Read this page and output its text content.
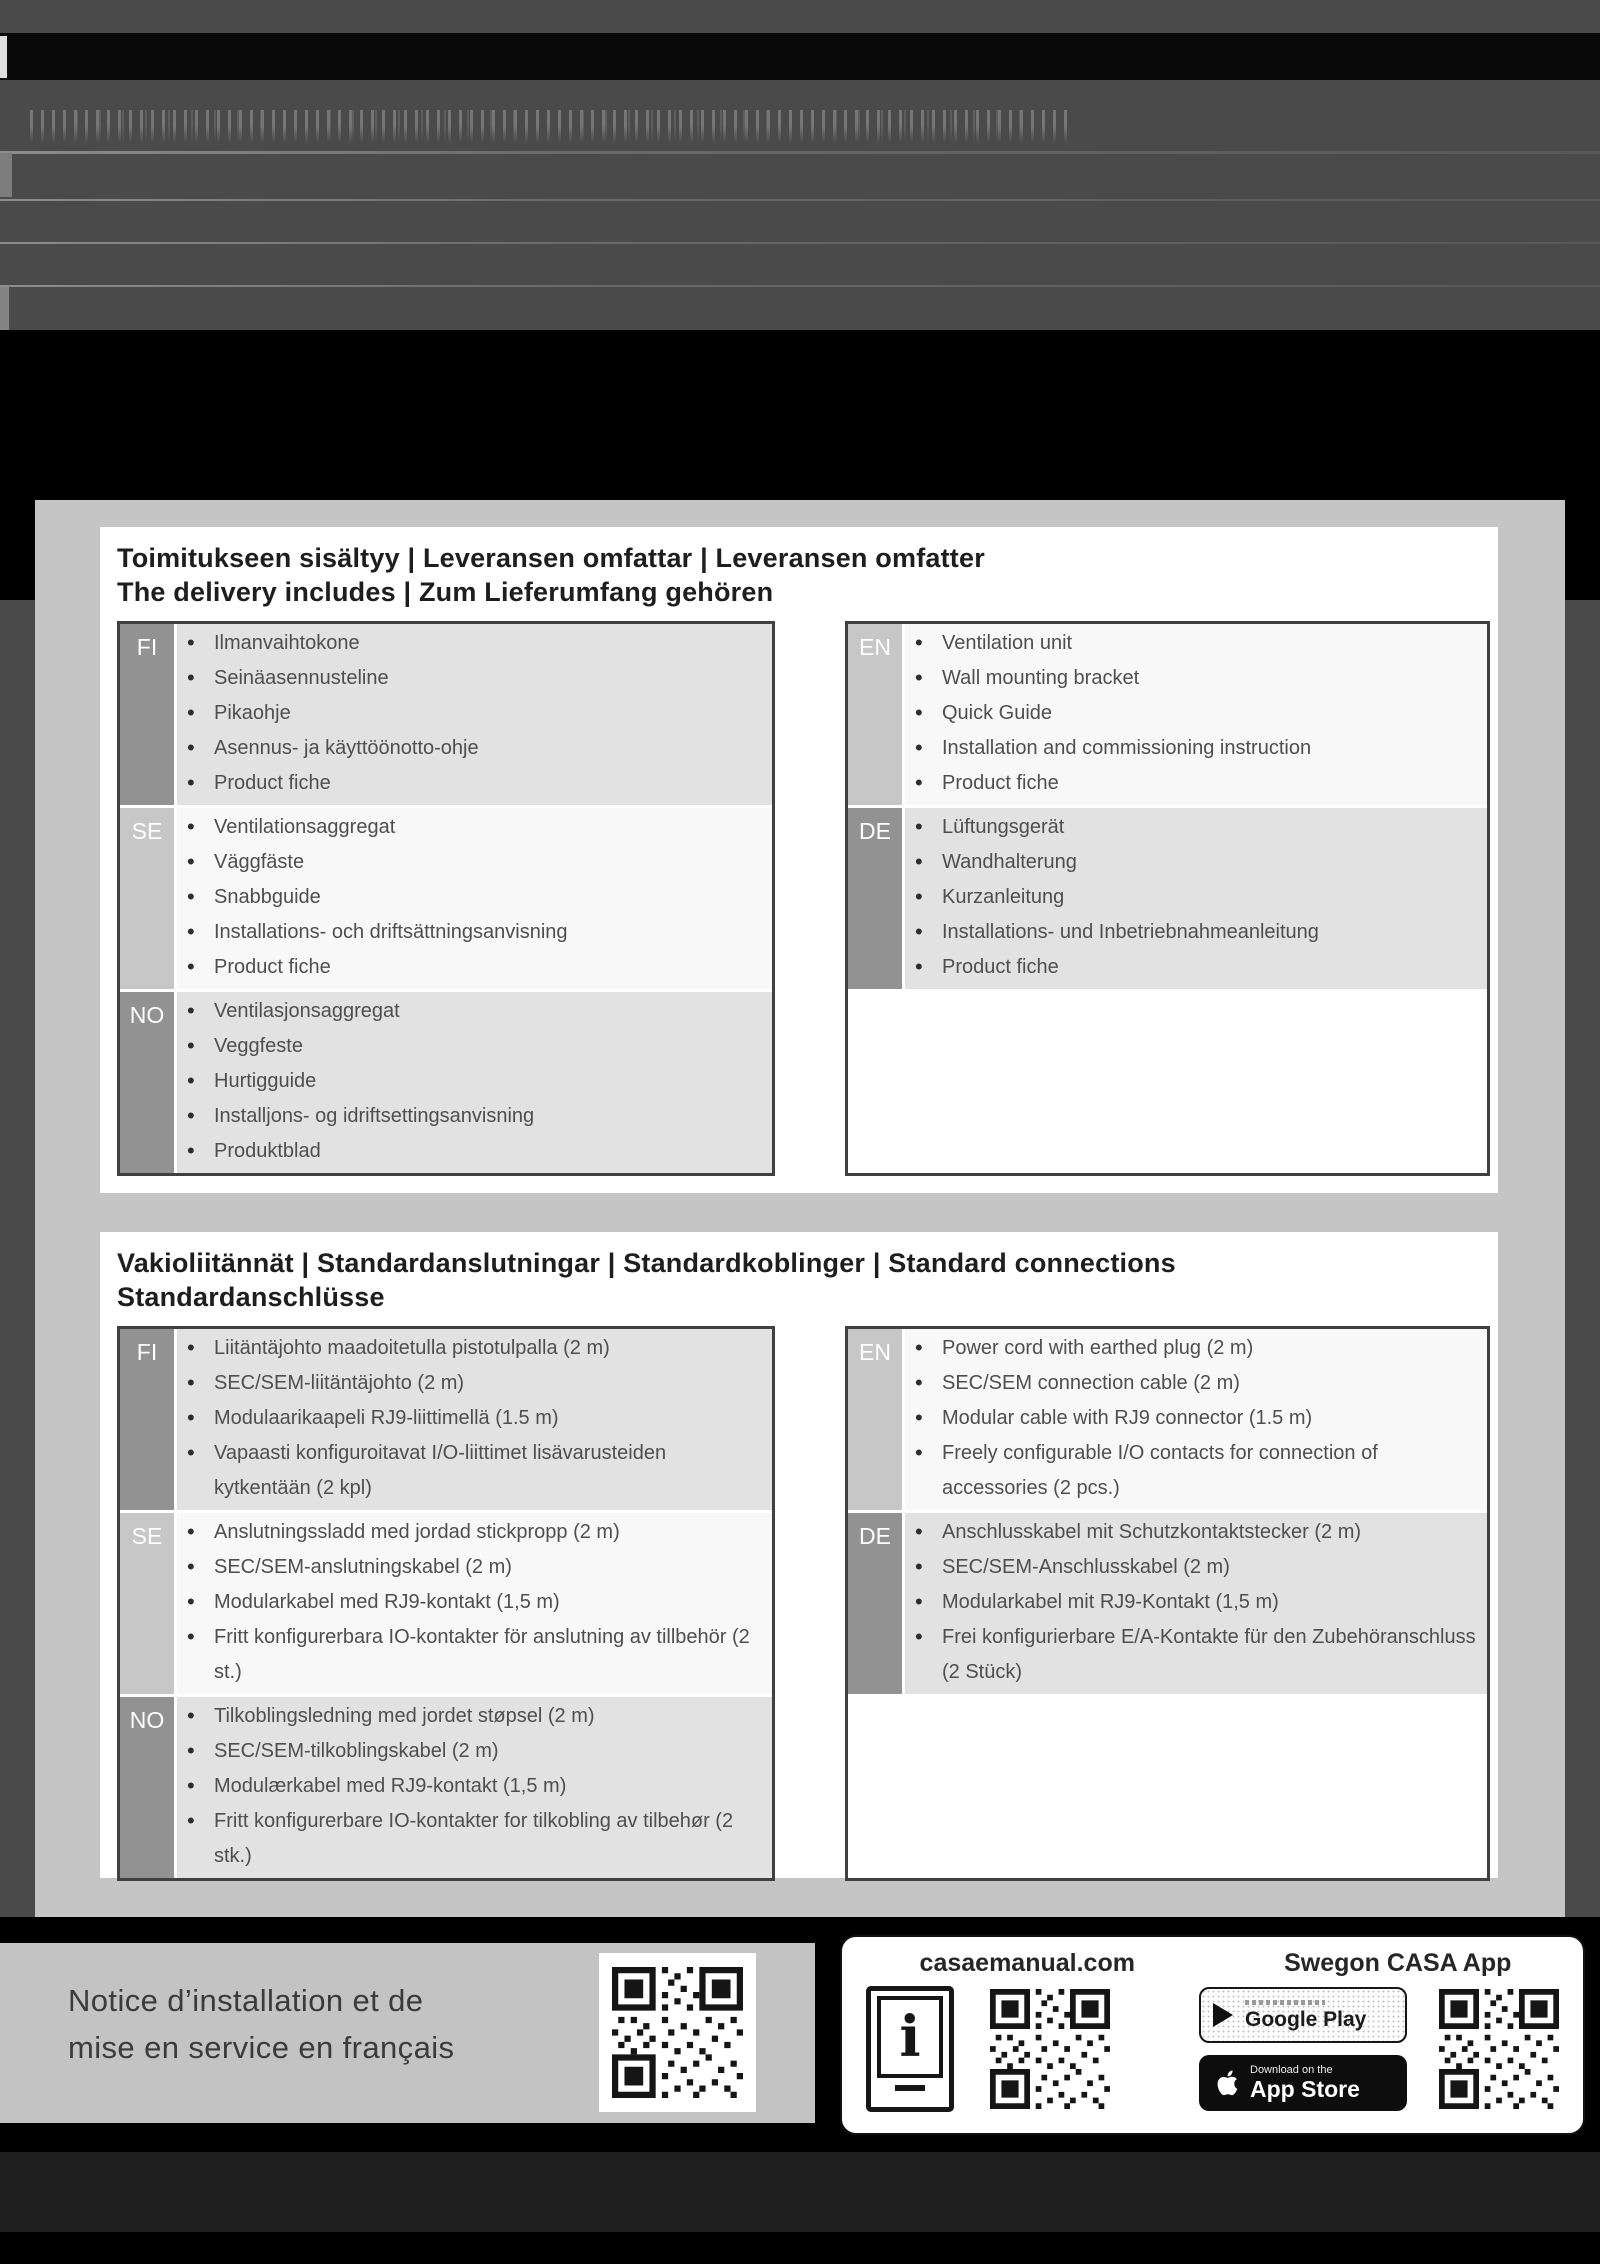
Toimitukseen sisältyy | Leveransen omfattar | Leveransen omfatter
The delivery includes | Zum Lieferumfang gehören
FI	• Ilmanvaihtokone
• Seinäasennusteline
• Pikaohje
• Asennus- ja käyttöönotto-ohje
• Product fiche
SE	• Ventilationsaggregat
• Väggfäste
• Snabbguide
• Installations- och driftsättningsanvisning
• Product fiche
NO	• Ventilasjonsaggregat
• Veggfeste
• Hurtigguide
• Installjons- og idriftsettingsanvisning
• Produktblad
EN	• Ventilation unit
• Wall mounting bracket
• Quick Guide
• Installation and commissioning instruction
• Product fiche
DE	• Lüftungsgerät
• Wandhalterung
• Kurzanleitung
• Installations- und Inbetriebnahmeanleitung
• Product fiche
Vakioliitännät | Standardanslutningar | Standardkoblinger | Standard connections
Standardanschlüsse
FI	• Liitäntäjohto maadoitetulla pistotulpalla (2 m)
• SEC/SEM-liitäntäjohto (2 m)
• Modulaarikaapeli RJ9-liittimellä (1.5 m)
• Vapaasti konfiguroitavat I/O-liittimet lisävarusteiden kytkentään (2 kpl)
SE	• Anslutningssladd med jordad stickpropp (2 m)
• SEC/SEM-anslutningskabel (2 m)
• Modularkabel med RJ9-kontakt (1,5 m)
• Fritt konfigurerbara IO-kontakter för anslutning av tillbehör (2 st.)
NO	• Tilkoblingsledning med jordet støpsel (2 m)
• SEC/SEM-tilkoblingskabel (2 m)
• Modulærkabel med RJ9-kontakt (1,5 m)
• Fritt konfigurerbare IO-kontakter for tilkobling av tilbehør (2 stk.)
EN	• Power cord with earthed plug (2 m)
• SEC/SEM connection cable (2 m)
• Modular cable with RJ9 connector (1.5 m)
• Freely configurable I/O contacts for connection of accessories (2 pcs.)
DE	• Anschlusskabel mit Schutzkontaktstecker (2 m)
• SEC/SEM-Anschlusskabel (2 m)
• Modularkabel mit RJ9-Kontakt (1,5 m)
• Frei konfigurierbare E/A-Kontakte für den Zubehöranschluss (2 Stück)
Notice d’installation et de
mise en service en français
casaemanual.com	Swegon CASA App
i	Google Play
Download on the
App Store
